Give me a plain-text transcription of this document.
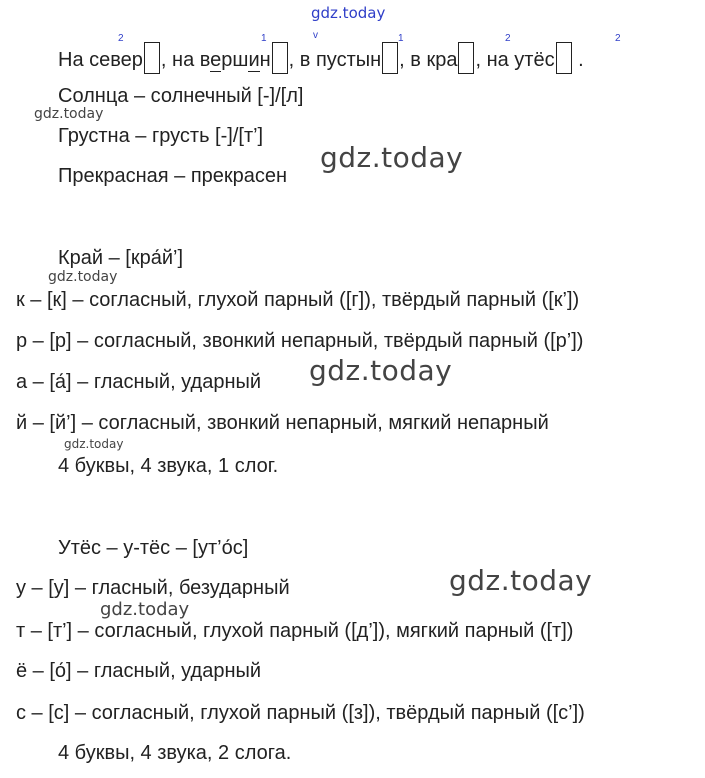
gdz.today
2	1	v	1	2	2
На север , на вершин , в пустын , в кра , на утёс .
Солнца – солнечный [-]/[л]
gdz.today
Грустна – грусть [-]/[т’]
Прекрасная – прекрасен
gdz.today
Край – [кра́й’]
gdz.today
к – [к] – согласный, глухой парный ([г]), твёрдый парный ([к’])
р – [р] – согласный, звонкий непарный, твёрдый парный ([р’])
а – [а́] – гласный, ударный gdz.today
й – [й’] – согласный, звонкий непарный, мягкий непарный
gdz.today
4 буквы, 4 звука, 1 слог.
Утёс – у-тёс – [ут’о́с]
gdz.today
у – [у] – гласный, безударный
gdz.today
т – [т’] – согласный, глухой парный ([д’]), мягкий парный ([т])
ё – [о́] – гласный, ударный
с – [с] – согласный, глухой парный ([з]), твёрдый парный ([с’])
4 буквы, 4 звука, 2 слога.
